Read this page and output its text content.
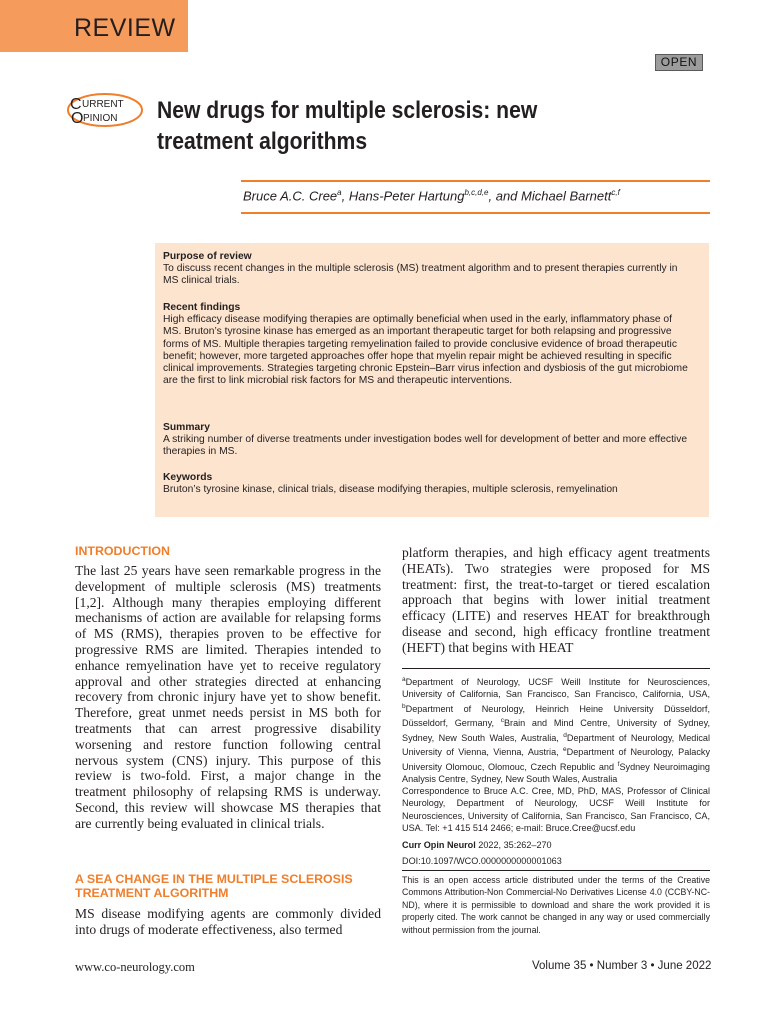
REVIEW
OPEN
C URRENT
O PINION New drugs for multiple sclerosis: new treatment algorithms
Bruce A.C. Cree$^a$, Hans-Peter Hartung$^{b,c,d,e}$, and Michael Barnett$^{c,f}$
Purpose of review
To discuss recent changes in the multiple sclerosis (MS) treatment algorithm and to present therapies currently in MS clinical trials.
Recent findings
High efficacy disease modifying therapies are optimally beneficial when used in the early, inflammatory phase of MS. Bruton’s tyrosine kinase has emerged as an important therapeutic target for both relapsing and progressive forms of MS. Multiple therapies targeting remyelination failed to provide conclusive evidence of broad therapeutic benefit; however, more targeted approaches offer hope that myelin repair might be achieved resulting in specific clinical improvements. Strategies targeting chronic Epstein–Barr virus infection and dysbiosis of the gut microbiome are the first to link microbial risk factors for MS and therapeutic interventions.
Summary
A striking number of diverse treatments under investigation bodes well for development of better and more effective therapies in MS.
Keywords
Bruton’s tyrosine kinase, clinical trials, disease modifying therapies, multiple sclerosis, remyelination
INTRODUCTION
The last 25 years have seen remarkable progress in the development of multiple sclerosis (MS) treatments [1,2]. Although many therapies employing different mechanisms of action are available for relapsing forms of MS (RMS), therapies proven to be effective for progressive RMS are limited. Therapies intended to enhance remyelination have yet to receive regulatory approval and other strategies directed at enhancing recovery from chronic injury have yet to show benefit. Therefore, great unmet needs persist in MS both for treatments that can arrest progressive disability worsening and restore function following central nervous system (CNS) injury. This purpose of this review is two-fold. First, a major change in the treatment philosophy of relapsing RMS is underway. Second, this review will showcase MS therapies that are currently being evaluated in clinical trials.
A SEA CHANGE IN THE MULTIPLE SCLEROSIS TREATMENT ALGORITHM
MS disease modifying agents are commonly divided into drugs of moderate effectiveness, also termed
platform therapies, and high efficacy agent treatments (HEATs). Two strategies were proposed for MS treatment: first, the treat-to-target or tiered escalation approach that begins with lower initial treatment efficacy (LITE) and reserves HEAT for breakthrough disease and second, high efficacy frontline treatment (HEFT) that begins with HEAT
$^a$Department of Neurology, UCSF Weill Institute for Neurosciences, University of California, San Francisco, San Francisco, California, USA, $^b$Department of Neurology, Heinrich Heine University Düsseldorf, Düsseldorf, Germany, $^c$Brain and Mind Centre, University of Sydney, Sydney, New South Wales, Australia, $^d$Department of Neurology, Medical University of Vienna, Vienna, Austria, $^e$Department of Neurology, Palacky University Olomouc, Olomouc, Czech Republic and $^f$Sydney Neuroimaging Analysis Centre, Sydney, New South Wales, Australia
Correspondence to Bruce A.C. Cree, MD, PhD, MAS, Professor of Clinical Neurology, Department of Neurology, UCSF Weill Institute for Neurosciences, University of California, San Francisco, San Francisco, CA, USA. Tel: +1 415 514 2466; e-mail: Bruce.Cree@ucsf.edu
Curr Opin Neurol 2022, 35:262–270
DOI:10.1097/WCO.0000000000001063
This is an open access article distributed under the terms of the Creative Commons Attribution-Non Commercial-No Derivatives License 4.0 (CCBY-NC-ND), where it is permissible to download and share the work provided it is properly cited. The work cannot be changed in any way or used commercially without permission from the journal.
www.co-neurology.com	Volume 35 • Number 3 • June 2022
